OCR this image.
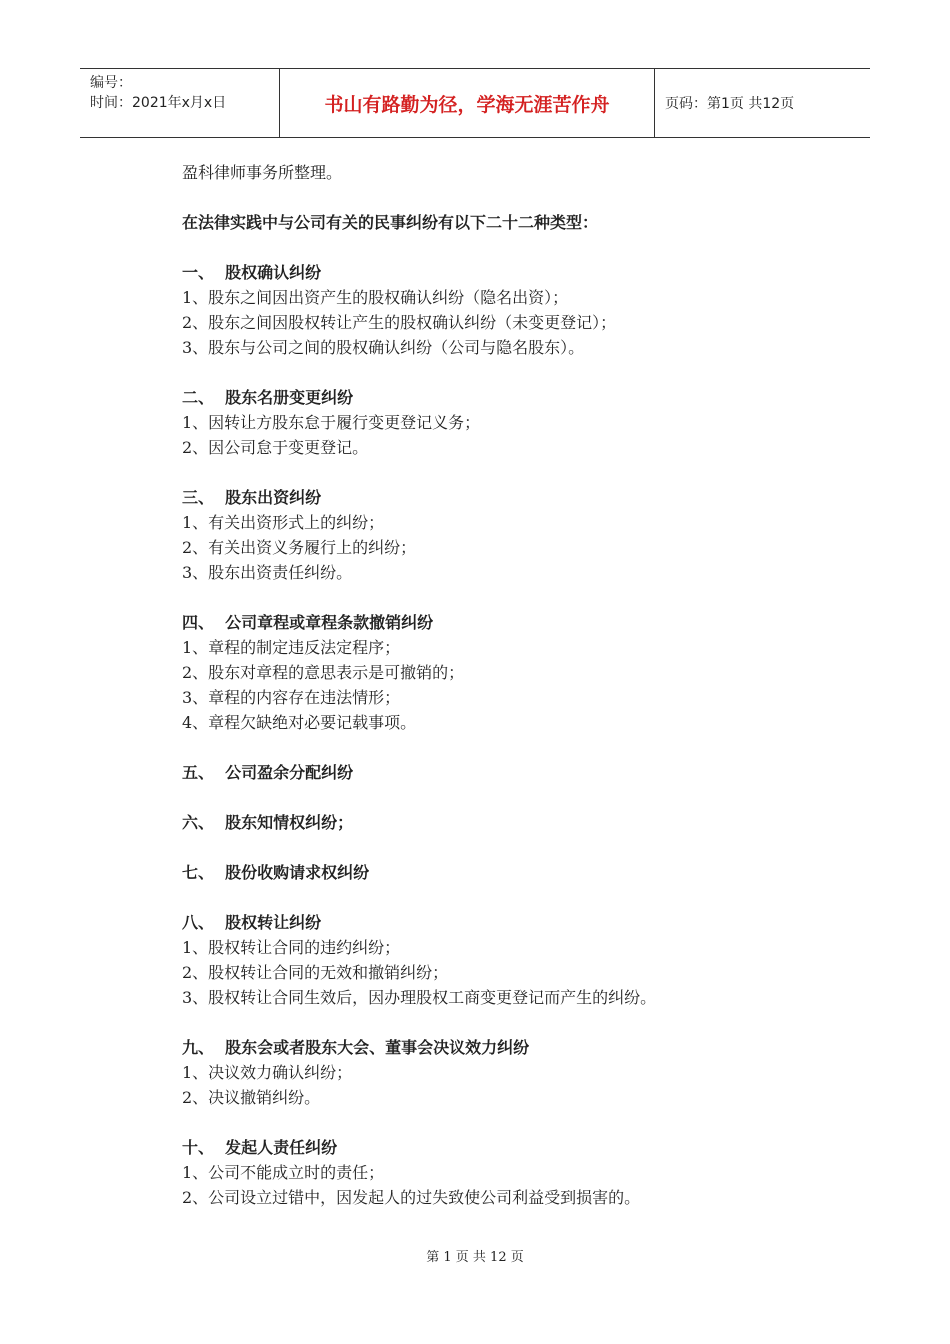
编号：
时间：2021年x月x日	书山有路勤为径，学海无涯苦作舟	页码：第1页 共12页

盈科律师事务所整理。

在法律实践中与公司有关的民事纠纷有以下二十二种类型：

一、  股权确认纠纷
1、股东之间因出资产生的股权确认纠纷（隐名出资）；
2、股东之间因股权转让产生的股权确认纠纷（未变更登记）；
3、股东与公司之间的股权确认纠纷（公司与隐名股东）。
二、  股东名册变更纠纷
1、因转让方股东怠于履行变更登记义务；
2、因公司怠于变更登记。
三、  股东出资纠纷
1、有关出资形式上的纠纷；
2、有关出资义务履行上的纠纷；
3、股东出资责任纠纷。
四、  公司章程或章程条款撤销纠纷
1、章程的制定违反法定程序；
2、股东对章程的意思表示是可撤销的；
3、章程的内容存在违法情形；
4、章程欠缺绝对必要记载事项。
五、  公司盈余分配纠纷
六、  股东知情权纠纷；
七、  股份收购请求权纠纷
八、  股权转让纠纷
1、股权转让合同的违约纠纷；
2、股权转让合同的无效和撤销纠纷；
3、股权转让合同生效后，因办理股权工商变更登记而产生的纠纷。
九、  股东会或者股东大会、董事会决议效力纠纷
1、决议效力确认纠纷；
2、决议撤销纠纷。
十、  发起人责任纠纷
1、公司不能成立时的责任；
2、公司设立过错中，因发起人的过失致使公司利益受到损害的。
第 1 页 共 12 页
